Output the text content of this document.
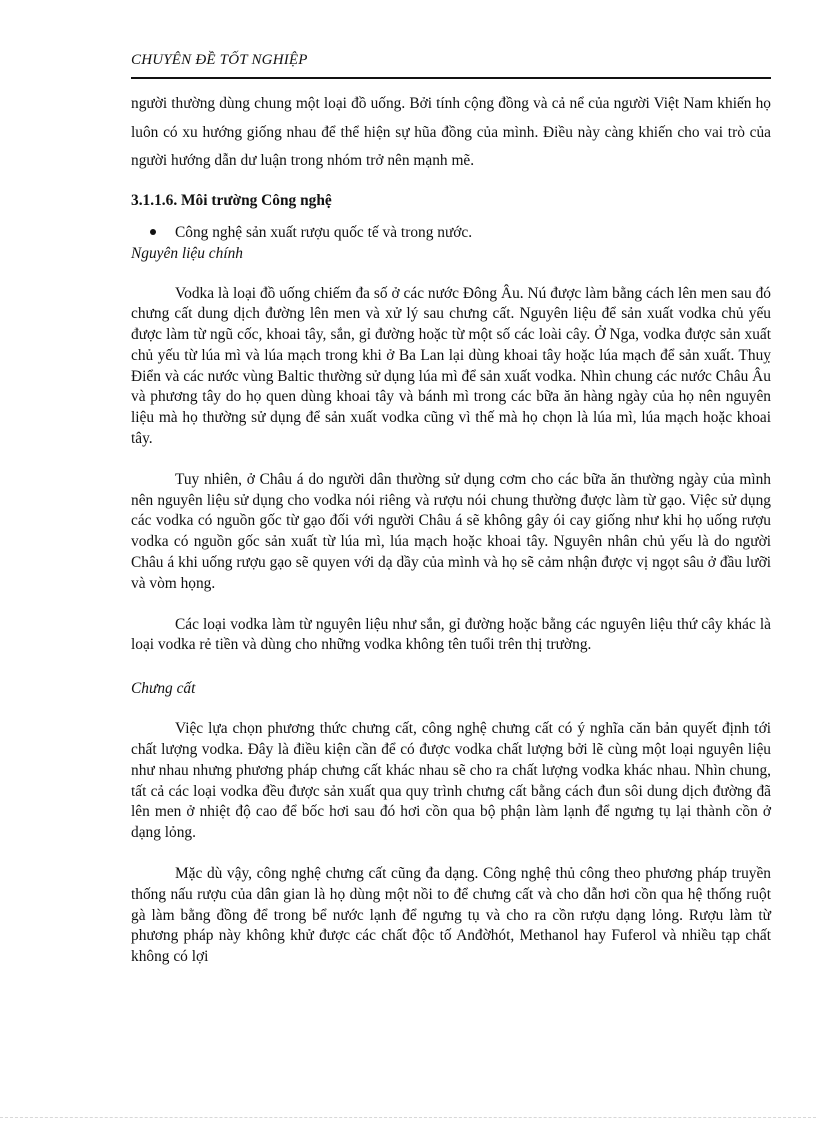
CHUYÊN ĐỀ TỐT NGHIỆP

người thường dùng chung một loại đồ uống. Bởi tính cộng đồng và cả nể của người Việt Nam khiến họ luôn có xu hướng giống nhau để thể hiện sự hũa đồng của mình. Điều này càng khiến cho vai trò của người hướng dẫn dư luận trong nhóm trở nên mạnh mẽ.

3.1.1.6. Môi trường Công nghệ
Công nghệ sản xuất rượu quốc tế và trong nước.
Nguyên liệu chính

Vodka là loại đồ uống chiếm đa số ở các nước Đông Âu. Nú được làm bằng cách lên men sau đó chưng cất dung dịch đường lên men và xử lý sau chưng cất. Nguyên liệu để sản xuất vodka chủ yếu được làm từ ngũ cốc, khoai tây, sắn, gỉ đường hoặc từ một số các loài cây. Ở Nga, vodka được sản xuất chủ yếu từ lúa mì và lúa mạch trong khi ở Ba Lan lại dùng khoai tây hoặc lúa mạch để sản xuất. Thuỵ Điển và các nước vùng Baltic thường sử dụng lúa mì để sản xuất vodka. Nhìn chung các nước Châu Âu và phương tây do họ quen dùng khoai tây và bánh mì trong các bữa ăn hàng ngày của họ nên nguyên liệu mà họ thường sử dụng để sản xuất vodka cũng vì thế mà họ chọn là lúa mì, lúa mạch hoặc khoai tây.

Tuy nhiên, ở Châu á do người dân thường sử dụng cơm cho các bữa ăn thường ngày của mình nên nguyên liệu sử dụng cho vodka nói riêng và rượu nói chung thường được làm từ gạo. Việc sử dụng các vodka có nguồn gốc từ gạo đối với người Châu á sẽ không gây ói cay giống như khi họ uống rượu vodka có nguồn gốc sản xuất từ lúa mì, lúa mạch hoặc khoai tây. Nguyên nhân chủ yếu là do người Châu á khi uống rượu gạo sẽ quyen với dạ dầy của mình và họ sẽ cảm nhận được vị ngọt sâu ở đầu lưỡi và vòm họng.

Các loại vodka làm từ nguyên liệu như sắn, gỉ đường hoặc bằng các nguyên liệu thứ cây khác là loại vodka rẻ tiền và dùng cho những vodka không tên tuổi trên thị trường.

Chưng cất

Việc lựa chọn phương thức chưng cất, công nghệ chưng cất có ý nghĩa căn bản quyết định tới chất lượng vodka. Đây là điều kiện cần để có được vodka chất lượng bởi lẽ cùng một loại nguyên liệu như nhau nhưng phương pháp chưng cất khác nhau sẽ cho ra chất lượng vodka khác nhau. Nhìn chung, tất cả các loại vodka đều được sản xuất qua quy trình chưng cất bằng cách đun sôi dung dịch đường đã lên men ở nhiệt độ cao để bốc hơi sau đó hơi cồn qua bộ phận làm lạnh để ngưng tụ lại thành cồn ở dạng lỏng.

Mặc dù vậy, công nghệ chưng cất cũng đa dạng. Công nghệ thủ công theo phương pháp truyền thống nấu rượu của dân gian là họ dùng một nồi to để chưng cất và cho dẫn hơi cồn qua hệ thống ruột gà làm bằng đồng để trong bể nước lạnh để ngưng tụ và cho ra cồn rượu dạng lỏng. Rượu làm từ phương pháp này không khử được các chất độc tố Anđờhót, Methanol hay Fuferol và nhiều tạp chất không có lợi
